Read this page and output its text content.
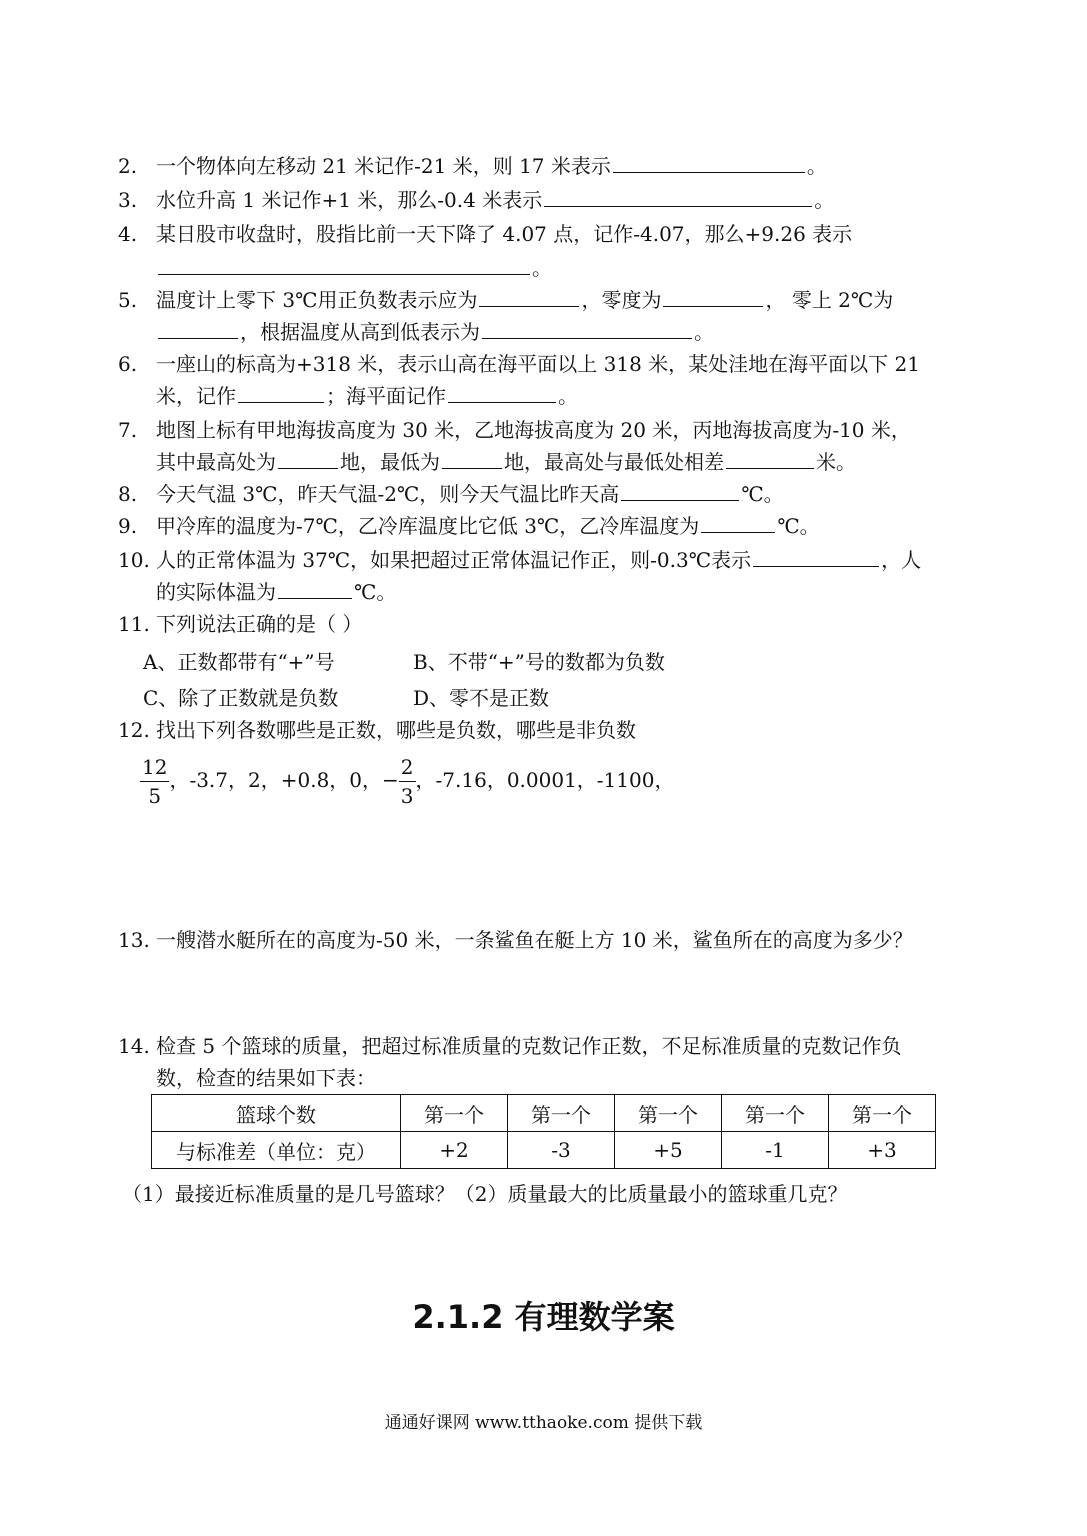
2. 一个物体向左移动 21 米记作-21 米，则 17 米表示	。
3. 水位升高 1 米记作+1 米，那么-0.4 米表示	。
4. 某日股市收盘时，股指比前一天下降了 4.07 点，记作-4.07，那么+9.26 表示
。
5. 温度计上零下 3℃用正负数表示应为	，零度为	， 零上 2℃为
，根据温度从高到低表示为	。
6. 一座山的标高为+318 米，表示山高在海平面以上 318 米，某处洼地在海平面以下 21
米，记作	；海平面记作	。
7. 地图上标有甲地海拔高度为 30 米，乙地海拔高度为 20 米，丙地海拔高度为-10 米，
其中最高处为	地，最低为	地，最高处与最低处相差	米。
8. 今天气温 3℃，昨天气温-2℃，则今天气温比昨天高	℃。
9. 甲冷库的温度为-7℃，乙冷库温度比它低 3℃，乙冷库温度为	℃。
10. 人的正常体温为 37℃，如果把超过正常体温记作正，则-0.3℃表示	，人
的实际体温为	℃。
11. 下列说法正确的是（ ）
A、正数都带有“+”号	B、不带“+”号的数都为负数
C、除了正数就是负数	D、零不是正数
12. 找出下列各数哪些是正数，哪些是负数，哪些是非负数
$\frac{12}{5}$ ，-3.7，2，+0.8，0，− $\frac{2}{3}$ ，-7.16，0.0001，-1100，
13. 一艘潜水艇所在的高度为-50 米，一条鲨鱼在艇上方 10 米，鲨鱼所在的高度为多少？
14. 检查 5 个篮球的质量，把超过标准质量的克数记作正数，不足标准质量的克数记作负
数，检查的结果如下表：
篮球个数	第一个	第一个	第一个	第一个	第一个
与标准差（单位：克）	+2	-3	+5	-1	+3
（1）最接近标准质量的是几号篮球？（2）质量最大的比质量最小的篮球重几克？
2.1.2 有理数学案
通通好课网 www.tthaoke.com 提供下载
